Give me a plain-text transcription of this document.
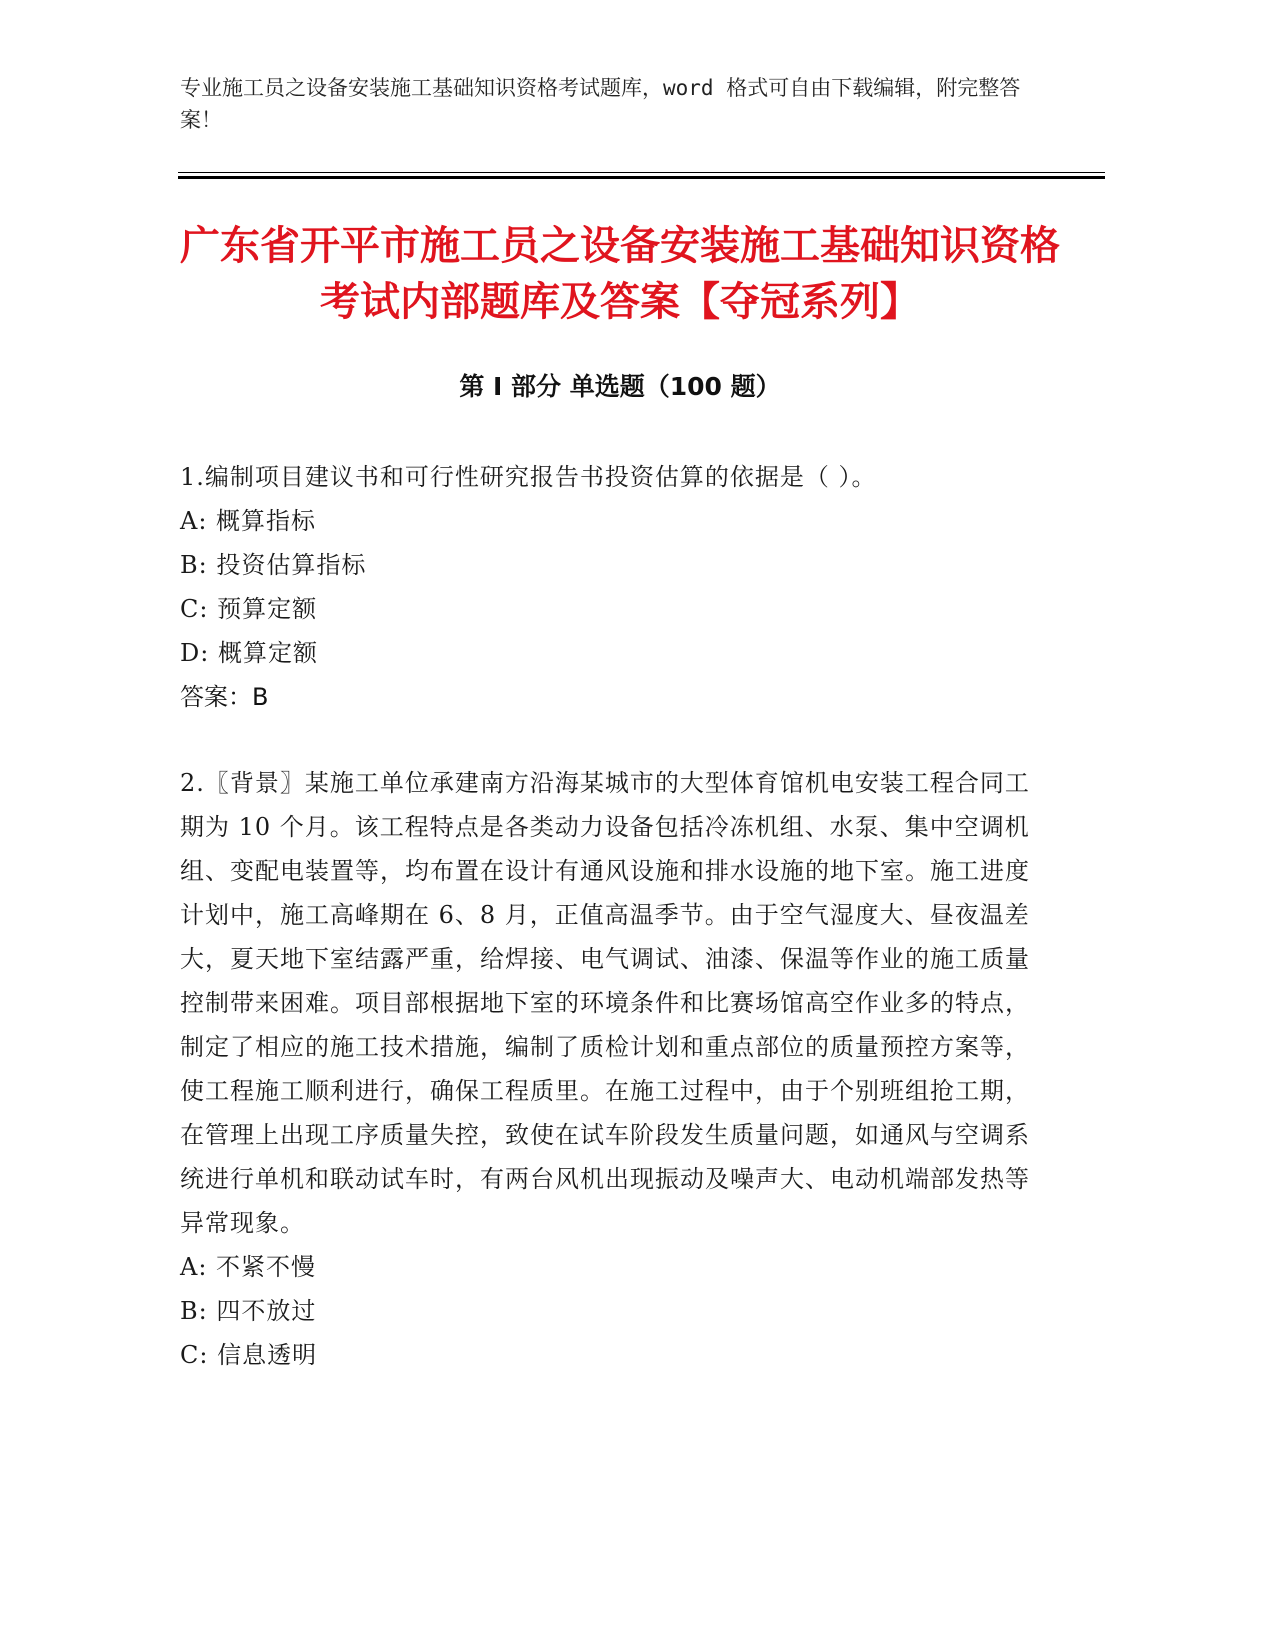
专业施工员之设备安装施工基础知识资格考试题库，word 格式可自由下载编辑，附完整答案！
广东省开平市施工员之设备安装施工基础知识资格考试内部题库及答案【夺冠系列】
第 I 部分 单选题（100 题）
1.编制项目建议书和可行性研究报告书投资估算的依据是（ ）。
A: 概算指标
B: 投资估算指标
C: 预算定额
D: 概算定额
答案：B
2.〖背景〗某施工单位承建南方沿海某城市的大型体育馆机电安装工程合同工期为 10 个月。该工程特点是各类动力设备包括冷冻机组、水泵、集中空调机组、变配电装置等，均布置在设计有通风设施和排水设施的地下室。施工进度计划中，施工高峰期在 6、8 月，正值高温季节。由于空气湿度大、昼夜温差大，夏天地下室结露严重，给焊接、电气调试、油漆、保温等作业的施工质量控制带来困难。项目部根据地下室的环境条件和比赛场馆高空作业多的特点，制定了相应的施工技术措施，编制了质检计划和重点部位的质量预控方案等，使工程施工顺利进行，确保工程质里。在施工过程中，由于个别班组抢工期，在管理上出现工序质量失控，致使在试车阶段发生质量问题，如通风与空调系统进行单机和联动试车时，有两台风机出现振动及噪声大、电动机端部发热等异常现象。
A: 不紧不慢
B: 四不放过
C: 信息透明
